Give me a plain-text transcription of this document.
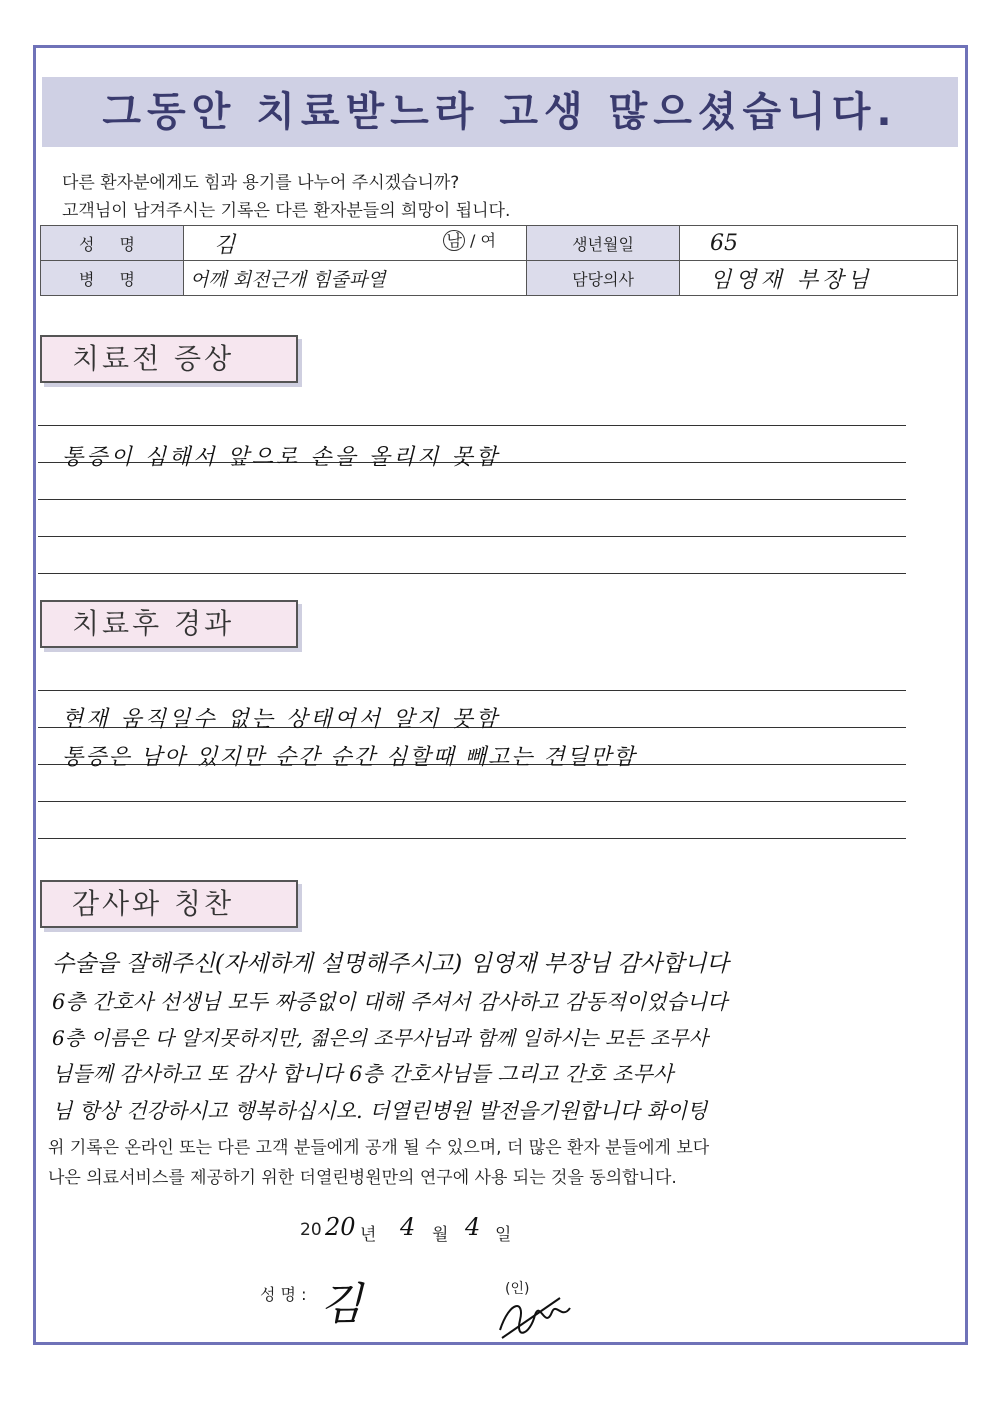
그동안 치료받느라 고생 많으셨습니다.
다른 환자분에게도 힘과 용기를 나누어 주시겠습니까?
고객님이 남겨주시는 기록은 다른 환자분들의 희망이 됩니다.
성 명	김 남 / 여	생년월일	65
병 명	어깨 회전근개 힘줄파열	담당의사	임영재 부장님
치료전 증상
통증이 심해서 앞으로 손을 올리지 못함
치료후 경과
현재 움직일수 없는 상태여서 알지 못함
통증은 남아 있지만 순간 순간 심할때 빼고는 견딜만함
감사와 칭찬
수술을 잘해주신(자세하게 설명해주시고) 임영재 부장님 감사합니다
6층 간호사 선생님 모두 짜증없이 대해 주셔서 감사하고 감동적이었습니다
6층 이름은 다 알지못하지만, 젊은의 조무사님과 함께 일하시는 모든 조무사
님들께 감사하고 또 감사 합니다 6층 간호사님들 그리고 간호 조무사
님 항상 건강하시고 행복하십시오. 더열린병원 발전을기원합니다 화이팅
위 기록은 온라인 또는 다른 고객 분들에게 공개 될 수 있으며, 더 많은 환자 분들에게 보다
나은 의료서비스를 제공하기 위한 더열린병원만의 연구에 사용 되는 것을 동의합니다.
20 20 년 4 월 4 일
성 명 : 김	(인)
